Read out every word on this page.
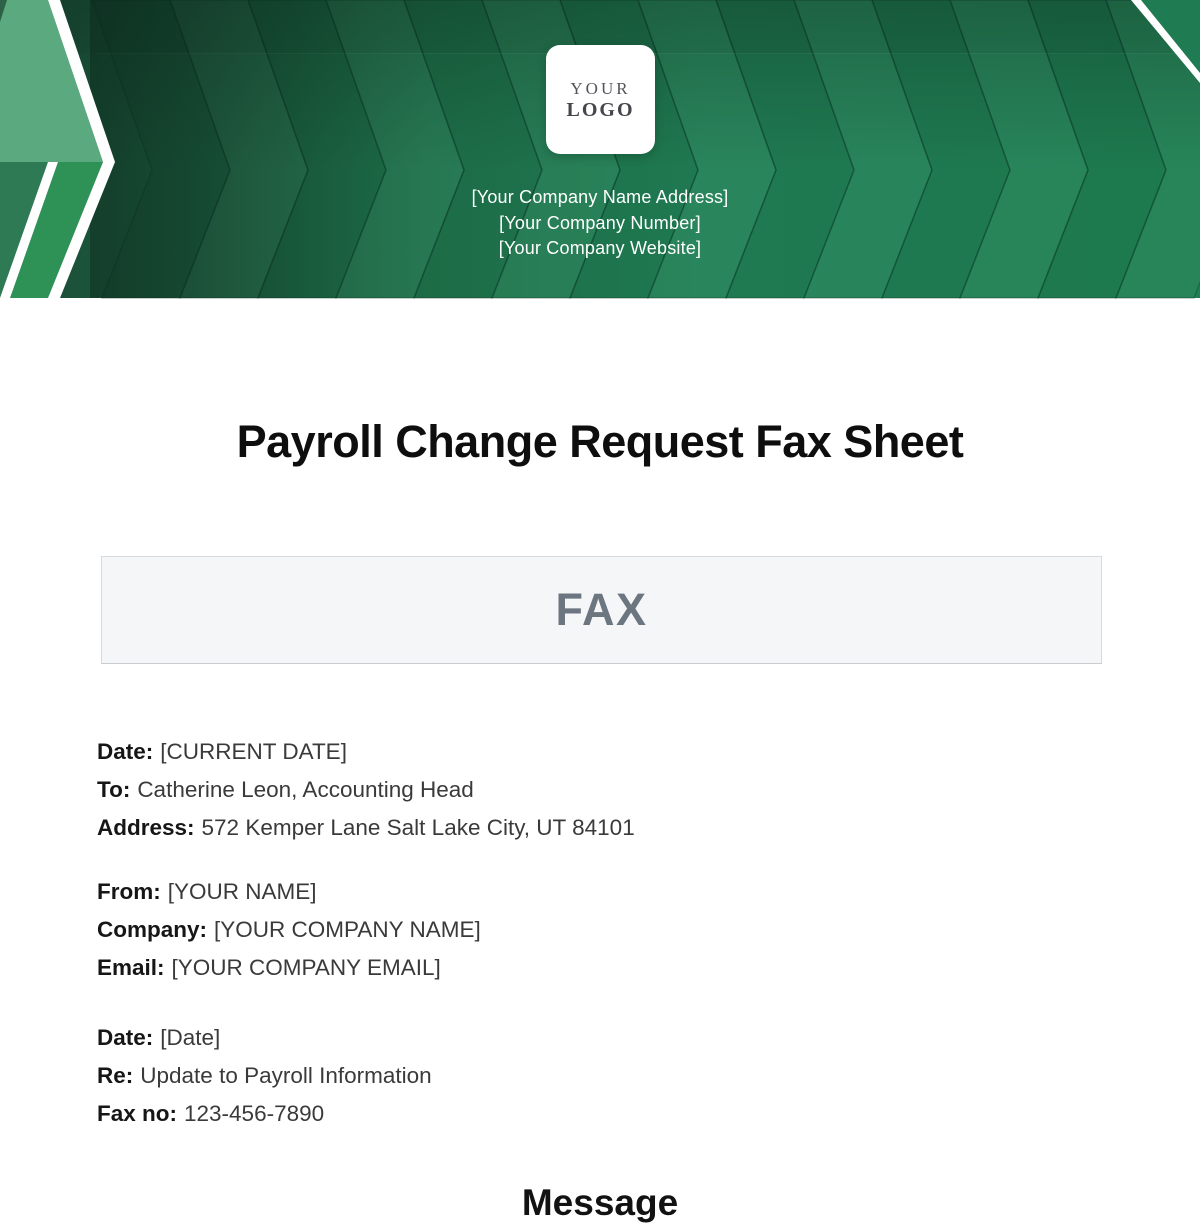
YOUR
LOGO
[Your Company Name Address]
[Your Company Number]
[Your Company Website]
Payroll Change Request Fax Sheet
FAX
Date: [CURRENT DATE]
To: Catherine Leon, Accounting Head
Address: 572 Kemper Lane Salt Lake City, UT 84101
From: [YOUR NAME]
Company: [YOUR COMPANY NAME]
Email: [YOUR COMPANY EMAIL]
Date: [Date]
Re: Update to Payroll Information
Fax no: 123-456-7890
Message
